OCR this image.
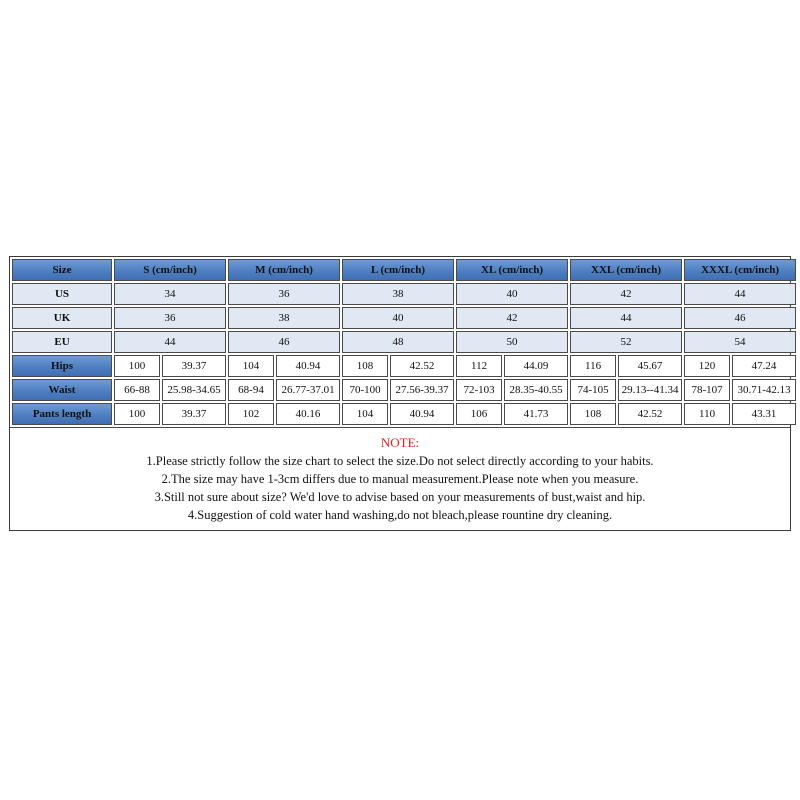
Size	S (cm/inch)		M (cm/inch)		L (cm/inch)		XL (cm/inch)		XXL (cm/inch)		XXXL (cm/inch)	
US	34		36		38		40		42		44	
UK	36		38		40		42		44		46	
EU	44		46		48		50		52		54	
Hips	100	39.37	104	40.94	108	42.52	112	44.09	116	45.67	120	47.24
Waist	66-88	25.98-34.65	68-94	26.77-37.01	70-100	27.56-39.37	72-103	28.35-40.55	74-105	29.13--41.34	78-107	30.71-42.13
Pants length	100	39.37	102	40.16	104	40.94	106	41.73	108	42.52	110	43.31
NOTE:
1.Please strictly follow the size chart to select the size.Do not select directly according to your habits.
2.The size may have 1-3cm differs due to manual measurement.Please note when you measure.
3.Still not sure about size? We'd love to advise based on your measurements of bust,waist and hip.
4.Suggestion of cold water hand washing,do not bleach,please rountine dry cleaning.
